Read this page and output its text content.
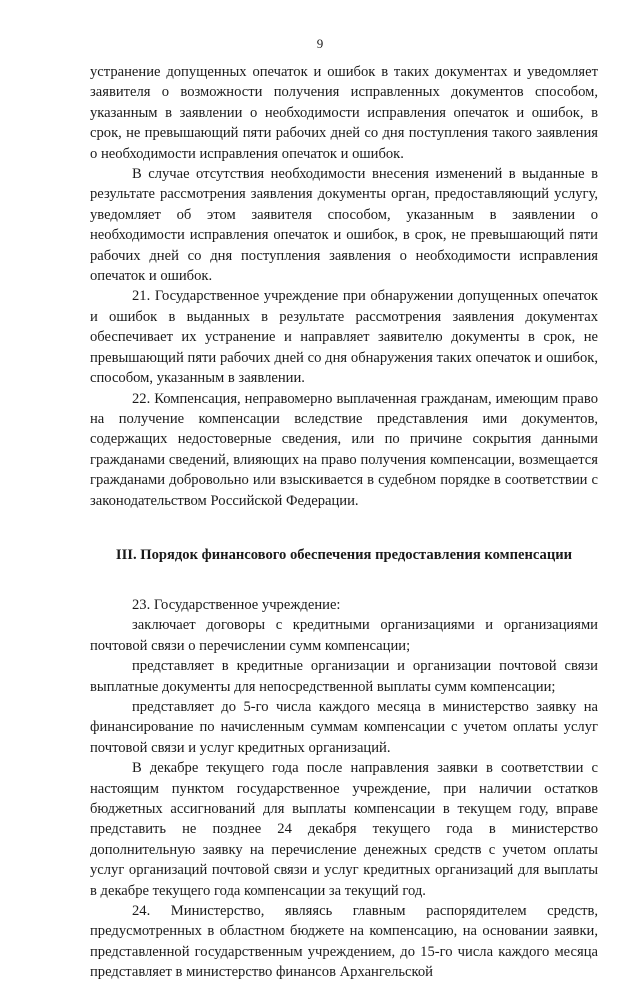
9

устранение допущенных опечаток и ошибок в таких документах и уведомляет заявителя о возможности получения исправленных документов способом, указанным в заявлении о необходимости исправления опечаток и ошибок, в срок, не превышающий пяти рабочих дней со дня поступления такого заявления о необходимости исправления опечаток и ошибок.

В случае отсутствия необходимости внесения изменений в выданные в результате рассмотрения заявления документы орган, предоставляющий услугу, уведомляет об этом заявителя способом, указанным в заявлении о необходимости исправления опечаток и ошибок, в срок, не превышающий пяти рабочих дней со дня поступления заявления о необходимости исправления опечаток и ошибок.

21. Государственное учреждение при обнаружении допущенных опечаток и ошибок в выданных в результате рассмотрения заявления документах обеспечивает их устранение и направляет заявителю документы в срок, не превышающий пяти рабочих дней со дня обнаружения таких опечаток и ошибок, способом, указанным в заявлении.

22. Компенсация, неправомерно выплаченная гражданам, имеющим право на получение компенсации вследствие представления ими документов, содержащих недостоверные сведения, или по причине сокрытия данными гражданами сведений, влияющих на право получения компенсации, возмещается гражданами добровольно или взыскивается в судебном порядке в соответствии с законодательством Российской Федерации.

III. Порядок финансового обеспечения предоставления компенсации

23. Государственное учреждение:

заключает договоры с кредитными организациями и организациями почтовой связи о перечислении сумм компенсации;

представляет в кредитные организации и организации почтовой связи выплатные документы для непосредственной выплаты сумм компенсации;

представляет до 5-го числа каждого месяца в министерство заявку на финансирование по начисленным суммам компенсации с учетом оплаты услуг почтовой связи и услуг кредитных организаций.

В декабре текущего года после направления заявки в соответствии с настоящим пунктом государственное учреждение, при наличии остатков бюджетных ассигнований для выплаты компенсации в текущем году, вправе представить не позднее 24 декабря текущего года в министерство дополнительную заявку на перечисление денежных средств с учетом оплаты услуг организаций почтовой связи и услуг кредитных организаций для выплаты в декабре текущего года компенсации за текущий год.

24. Министерство, являясь главным распорядителем средств, предусмотренных в областном бюджете на компенсацию, на основании заявки, представленной государственным учреждением, до 15-го числа каждого месяца представляет в министерство финансов Архангельской
